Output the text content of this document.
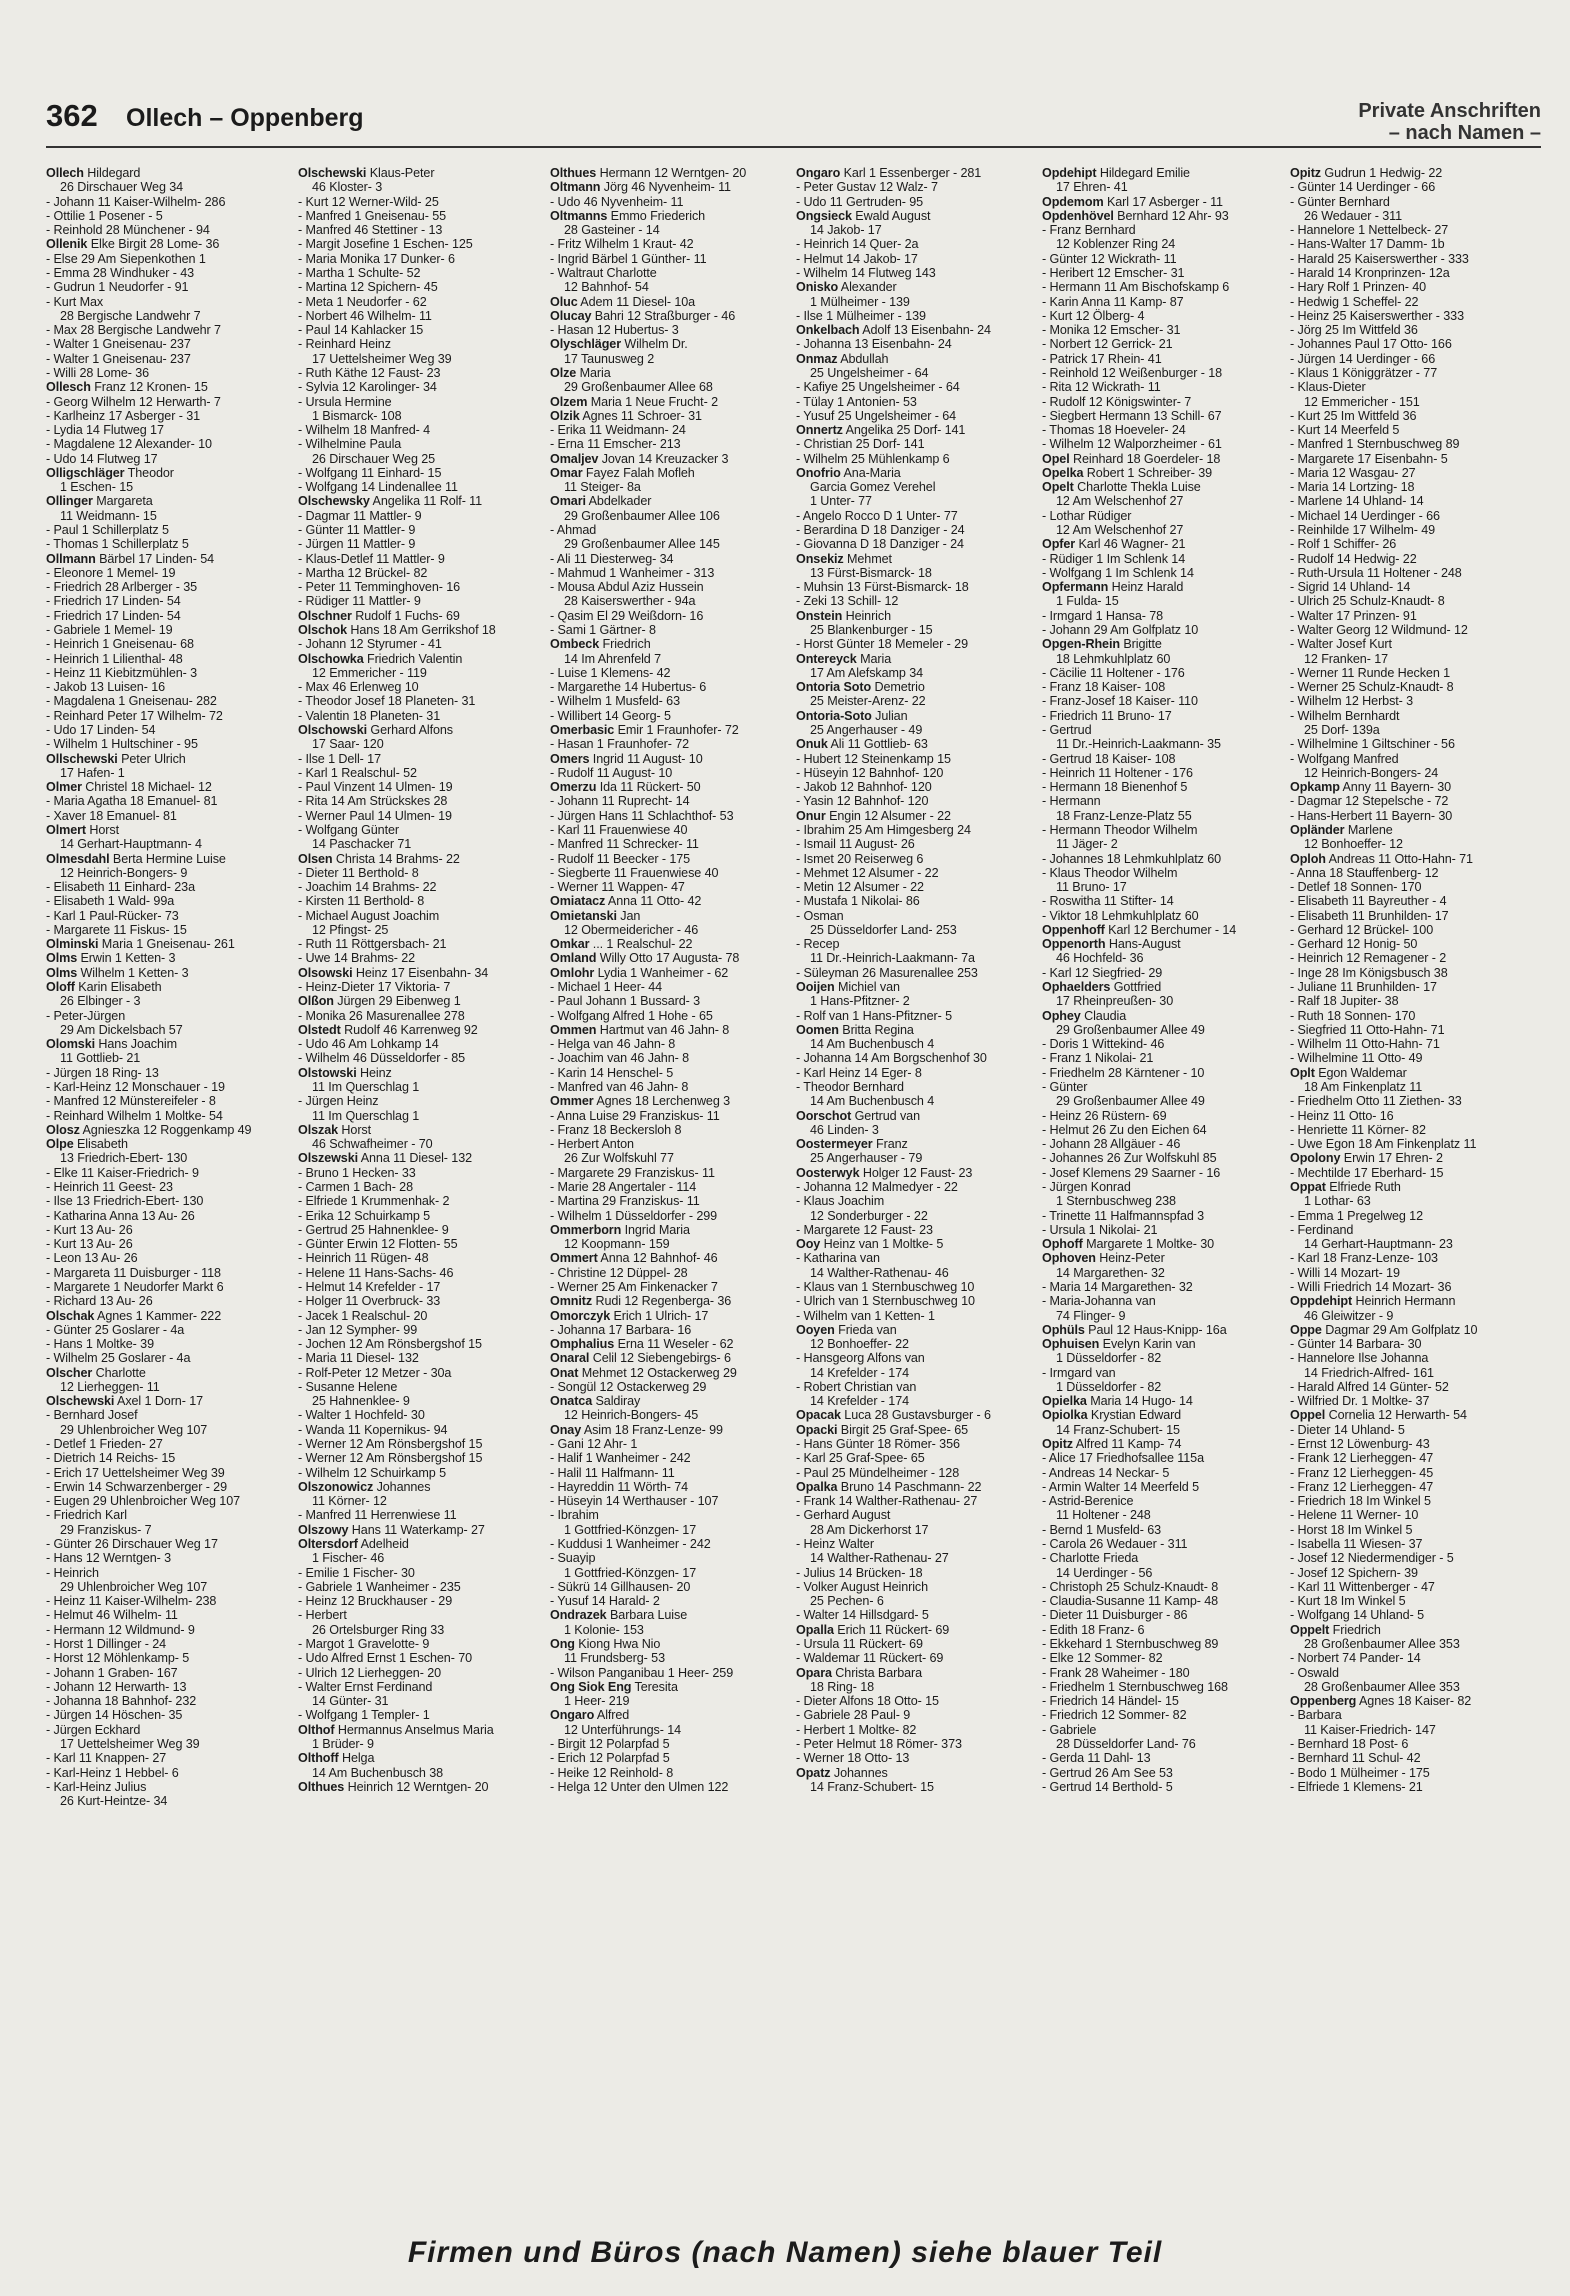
362 Ollech – Oppenberg	Private Anschriften
– nach Namen –
Ollech Hildegard
26 Dirschauer Weg 34
- Johann 11 Kaiser-Wilhelm- 286
- Ottilie 1 Posener - 5
- Reinhold 28 Münchener - 94
Ollenik Elke Birgit 28 Lome- 36
- Else 29 Am Siepenkothen 1
- Emma 28 Windhuker - 43
- Gudrun 1 Neudorfer - 91
- Kurt Max
28 Bergische Landwehr 7
- Max 28 Bergische Landwehr 7
- Walter 1 Gneisenau- 237
- Walter 1 Gneisenau- 237
- Willi 28 Lome- 36
Ollesch Franz 12 Kronen- 15
- Georg Wilhelm 12 Herwarth- 7
- Karlheinz 17 Asberger - 31
- Lydia 14 Flutweg 17
- Magdalene 12 Alexander- 10
- Udo 14 Flutweg 17
Olligschläger Theodor
1 Eschen- 15
Ollinger Margareta
11 Weidmann- 15
- Paul 1 Schillerplatz 5
- Thomas 1 Schillerplatz 5
Ollmann Bärbel 17 Linden- 54
- Eleonore 1 Memel- 19
- Friedrich 28 Arlberger - 35
- Friedrich 17 Linden- 54
- Friedrich 17 Linden- 54
- Gabriele 1 Memel- 19
- Heinrich 1 Gneisenau- 68
- Heinrich 1 Lilienthal- 48
- Heinz 11 Kiebitzmühlen- 3
- Jakob 13 Luisen- 16
- Magdalena 1 Gneisenau- 282
- Reinhard Peter 17 Wilhelm- 72
- Udo 17 Linden- 54
- Wilhelm 1 Hultschiner - 95
Ollschewski Peter Ulrich
17 Hafen- 1
Olmer Christel 18 Michael- 12
- Maria Agatha 18 Emanuel- 81
- Xaver 18 Emanuel- 81
Olmert Horst
14 Gerhart-Hauptmann- 4
Olmesdahl Berta Hermine Luise
12 Heinrich-Bongers- 9
- Elisabeth 11 Einhard- 23a
- Elisabeth 1 Wald- 99a
- Karl 1 Paul-Rücker- 73
- Margarete 11 Fiskus- 15
Olminski Maria 1 Gneisenau- 261
Olms Erwin 1 Ketten- 3
Olms Wilhelm 1 Ketten- 3
Oloff Karin Elisabeth
26 Elbinger - 3
- Peter-Jürgen
29 Am Dickelsbach 57
Olomski Hans Joachim
11 Gottlieb- 21
- Jürgen 18 Ring- 13
- Karl-Heinz 12 Monschauer - 19
- Manfred 12 Münstereifeler - 8
- Reinhard Wilhelm 1 Moltke- 54
Olosz Agnieszka 12 Roggenkamp 49
Olpe Elisabeth
13 Friedrich-Ebert- 130
- Elke 11 Kaiser-Friedrich- 9
- Heinrich 11 Geest- 23
- Ilse 13 Friedrich-Ebert- 130
- Katharina Anna 13 Au- 26
- Kurt 13 Au- 26
- Kurt 13 Au- 26
- Leon 13 Au- 26
- Margareta 11 Duisburger - 118
- Margarete 1 Neudorfer Markt 6
- Richard 13 Au- 26
Olschak Agnes 1 Kammer- 222
- Günter 25 Goslarer - 4a
- Hans 1 Moltke- 39
- Wilhelm 25 Goslarer - 4a
Olscher Charlotte
12 Lierheggen- 11
Olschewski Axel 1 Dorn- 17
- Bernhard Josef
29 Uhlenbroicher Weg 107
- Detlef 1 Frieden- 27
- Dietrich 14 Reichs- 15
- Erich 17 Uettelsheimer Weg 39
- Erwin 14 Schwarzenberger - 29
- Eugen 29 Uhlenbroicher Weg 107
- Friedrich Karl
29 Franziskus- 7
- Günter 26 Dirschauer Weg 17
- Hans 12 Werntgen- 3
- Heinrich
29 Uhlenbroicher Weg 107
- Heinz 11 Kaiser-Wilhelm- 238
- Helmut 46 Wilhelm- 11
- Hermann 12 Wildmund- 9
- Horst 1 Dillinger - 24
- Horst 12 Möhlenkamp- 5
- Johann 1 Graben- 167
- Johann 12 Herwarth- 13
- Johanna 18 Bahnhof- 232
- Jürgen 14 Höschen- 35
- Jürgen Eckhard
17 Uettelsheimer Weg 39
- Karl 11 Knappen- 27
- Karl-Heinz 1 Hebbel- 6
- Karl-Heinz Julius
26 Kurt-Heintze- 34
Olschewski Klaus-Peter
46 Kloster- 3
- Kurt 12 Werner-Wild- 25
- Manfred 1 Gneisenau- 55
- Manfred 46 Stettiner - 13
- Margit Josefine 1 Eschen- 125
- Maria Monika 17 Dunker- 6
- Martha 1 Schulte- 52
- Martina 12 Spichern- 45
- Meta 1 Neudorfer - 62
- Norbert 46 Wilhelm- 11
- Paul 14 Kahlacker 15
- Reinhard Heinz
17 Uettelsheimer Weg 39
- Ruth Käthe 12 Faust- 23
- Sylvia 12 Karolinger- 34
- Ursula Hermine
1 Bismarck- 108
- Wilhelm 18 Manfred- 4
- Wilhelmine Paula
26 Dirschauer Weg 25
- Wolfgang 11 Einhard- 15
- Wolfgang 14 Lindenallee 11
Olschewsky Angelika 11 Rolf- 11
- Dagmar 11 Mattler- 9
- Günter 11 Mattler- 9
- Jürgen 11 Mattler- 9
- Klaus-Detlef 11 Mattler- 9
- Martha 12 Brückel- 82
- Peter 11 Temminghoven- 16
- Rüdiger 11 Mattler- 9
Olschner Rudolf 1 Fuchs- 69
Olschok Hans 18 Am Gerrikshof 18
- Johann 12 Styrumer - 41
Olschowka Friedrich Valentin
12 Emmericher - 119
- Max 46 Erlenweg 10
- Theodor Josef 18 Planeten- 31
- Valentin 18 Planeten- 31
Olschowski Gerhard Alfons
17 Saar- 120
- Ilse 1 Dell- 17
- Karl 1 Realschul- 52
- Paul Vinzent 14 Ulmen- 19
- Rita 14 Am Strückskes 28
- Werner Paul 14 Ulmen- 19
- Wolfgang Günter
14 Paschacker 71
Olsen Christa 14 Brahms- 22
- Dieter 11 Berthold- 8
- Joachim 14 Brahms- 22
- Kirsten 11 Berthold- 8
- Michael August Joachim
12 Pfingst- 25
- Ruth 11 Röttgersbach- 21
- Uwe 14 Brahms- 22
Olsowski Heinz 17 Eisenbahn- 34
- Heinz-Dieter 17 Viktoria- 7
Olßon Jürgen 29 Eibenweg 1
- Monika 26 Masurenallee 278
Olstedt Rudolf 46 Karrenweg 92
- Udo 46 Am Lohkamp 14
- Wilhelm 46 Düsseldorfer - 85
Olstowski Heinz
11 Im Querschlag 1
- Jürgen Heinz
11 Im Querschlag 1
Olszak Horst
46 Schwafheimer - 70
Olszewski Anna 11 Diesel- 132
- Bruno 1 Hecken- 33
- Carmen 1 Bach- 28
- Elfriede 1 Krummenhak- 2
- Erika 12 Schuirkamp 5
- Gertrud 25 Hahnenklee- 9
- Günter Erwin 12 Flotten- 55
- Heinrich 11 Rügen- 48
- Helene 11 Hans-Sachs- 46
- Helmut 14 Krefelder - 17
- Holger 11 Overbruck- 33
- Jacek 1 Realschul- 20
- Jan 12 Sympher- 99
- Jochen 12 Am Rönsbergshof 15
- Maria 11 Diesel- 132
- Rolf-Peter 12 Metzer - 30a
- Susanne Helene
25 Hahnenklee- 9
- Walter 1 Hochfeld- 30
- Wanda 11 Kopernikus- 94
- Werner 12 Am Rönsbergshof 15
- Werner 12 Am Rönsbergshof 15
- Wilhelm 12 Schuirkamp 5
Olszonowicz Johannes
11 Körner- 12
- Manfred 11 Herrenwiese 11
Olszowy Hans 11 Waterkamp- 27
Oltersdorf Adelheid
1 Fischer- 46
- Emilie 1 Fischer- 30
- Gabriele 1 Wanheimer - 235
- Heinz 12 Bruckhauser - 29
- Herbert
26 Ortelsburger Ring 33
- Margot 1 Gravelotte- 9
- Udo Alfred Ernst 1 Eschen- 70
- Ulrich 12 Lierheggen- 20
- Walter Ernst Ferdinand
14 Günter- 31
- Wolfgang 1 Templer- 1
Olthof Hermannus Anselmus Maria
1 Brüder- 9
Olthoff Helga
14 Am Buchenbusch 38
Olthues Heinrich 12 Werntgen- 20
Olthues Hermann 12 Werntgen- 20
Oltmann Jörg 46 Nyvenheim- 11
- Udo 46 Nyvenheim- 11
Oltmanns Emmo Friederich
28 Gasteiner - 14
- Fritz Wilhelm 1 Kraut- 42
- Ingrid Bärbel 1 Günther- 11
- Waltraut Charlotte
12 Bahnhof- 54
Oluc Adem 11 Diesel- 10a
Olucay Bahri 12 Straßburger - 46
- Hasan 12 Hubertus- 3
Olyschläger Wilhelm Dr.
17 Taunusweg 2
Olze Maria
29 Großenbaumer Allee 68
Olzem Maria 1 Neue Frucht- 2
Olzik Agnes 11 Schroer- 31
- Erika 11 Weidmann- 24
- Erna 11 Emscher- 213
Omaljev Jovan 14 Kreuzacker 3
Omar Fayez Falah Mofleh
11 Steiger- 8a
Omari Abdelkader
29 Großenbaumer Allee 106
- Ahmad
29 Großenbaumer Allee 145
- Ali 11 Diesterweg- 34
- Mahmud 1 Wanheimer - 313
- Mousa Abdul Aziz Hussein
28 Kaiserswerther - 94a
- Qasim El 29 Weißdorn- 16
- Sami 1 Gärtner- 8
Ombeck Friedrich
14 Im Ahrenfeld 7
- Luise 1 Klemens- 42
- Margarethe 14 Hubertus- 6
- Wilhelm 1 Musfeld- 63
- Willibert 14 Georg- 5
Omerbasic Emir 1 Fraunhofer- 72
- Hasan 1 Fraunhofer- 72
Omers Ingrid 11 August- 10
- Rudolf 11 August- 10
Omerzu Ida 11 Rückert- 50
- Johann 11 Ruprecht- 14
- Jürgen Hans 11 Schlachthof- 53
- Karl 11 Frauenwiese 40
- Manfred 11 Schrecker- 11
- Rudolf 11 Beecker - 175
- Siegberte 11 Frauenwiese 40
- Werner 11 Wappen- 47
Omiatacz Anna 11 Otto- 42
Omietanski Jan
12 Obermeidericher - 46
Omkar ... 1 Realschul- 22
Omland Willy Otto 17 Augusta- 78
Omlohr Lydia 1 Wanheimer - 62
- Michael 1 Heer- 44
- Paul Johann 1 Bussard- 3
- Wolfgang Alfred 1 Hohe - 65
Ommen Hartmut van 46 Jahn- 8
- Helga van 46 Jahn- 8
- Joachim van 46 Jahn- 8
- Karin 14 Henschel- 5
- Manfred van 46 Jahn- 8
Ommer Agnes 18 Lerchenweg 3
- Anna Luise 29 Franziskus- 11
- Franz 18 Beckersloh 8
- Herbert Anton
26 Zur Wolfskuhl 77
- Margarete 29 Franziskus- 11
- Marie 28 Angertaler - 114
- Martina 29 Franziskus- 11
- Wilhelm 1 Düsseldorfer - 299
Ommerborn Ingrid Maria
12 Koopmann- 159
Ommert Anna 12 Bahnhof- 46
- Christine 12 Düppel- 28
- Werner 25 Am Finkenacker 7
Omnitz Rudi 12 Regenberga- 36
Omorczyk Erich 1 Ulrich- 17
- Johanna 17 Barbara- 16
Omphalius Erna 11 Weseler - 62
Onaral Celil 12 Siebengebirgs- 6
Onat Mehmet 12 Ostackerweg 29
- Songül 12 Ostackerweg 29
Onatca Saldiray
12 Heinrich-Bongers- 45
Onay Asim 18 Franz-Lenze- 99
- Gani 12 Ahr- 1
- Halif 1 Wanheimer - 242
- Halil 11 Halfmann- 11
- Hayreddin 11 Wörth- 74
- Hüseyin 14 Werthauser - 107
- Ibrahim
1 Gottfried-Könzgen- 17
- Kuddusi 1 Wanheimer - 242
- Suayip
1 Gottfried-Könzgen- 17
- Sükrü 14 Gillhausen- 20
- Yusuf 14 Harald- 2
Ondrazek Barbara Luise
1 Kolonie- 153
Ong Kiong Hwa Nio
11 Frundsberg- 53
- Wilson Panganibau 1 Heer- 259
Ong Siok Eng Teresita
1 Heer- 219
Ongaro Alfred
12 Unterführungs- 14
- Birgit 12 Polarpfad 5
- Erich 12 Polarpfad 5
- Heike 12 Reinhold- 8
- Helga 12 Unter den Ulmen 122
Ongaro Karl 1 Essenberger - 281
- Peter Gustav 12 Walz- 7
- Udo 11 Gertruden- 95
Ongsieck Ewald August
14 Jakob- 17
- Heinrich 14 Quer- 2a
- Helmut 14 Jakob- 17
- Wilhelm 14 Flutweg 143
Onisko Alexander
1 Mülheimer - 139
- Ilse 1 Mülheimer - 139
Onkelbach Adolf 13 Eisenbahn- 24
- Johanna 13 Eisenbahn- 24
Onmaz Abdullah
25 Ungelsheimer - 64
- Kafiye 25 Ungelsheimer - 64
- Tülay 1 Antonien- 53
- Yusuf 25 Ungelsheimer - 64
Onnertz Angelika 25 Dorf- 141
- Christian 25 Dorf- 141
- Wilhelm 25 Mühlenkamp 6
Onofrio Ana-Maria
Garcia Gomez Verehel
1 Unter- 77
- Angelo Rocco D 1 Unter- 77
- Berardina D 18 Danziger - 24
- Giovanna D 18 Danziger - 24
Onsekiz Mehmet
13 Fürst-Bismarck- 18
- Muhsin 13 Fürst-Bismarck- 18
- Zeki 13 Schill- 12
Onstein Heinrich
25 Blankenburger - 15
- Horst Günter 18 Memeler - 29
Ontereyck Maria
17 Am Alefskamp 34
Ontoria Soto Demetrio
25 Meister-Arenz- 22
Ontoria-Soto Julian
25 Angerhauser - 49
Onuk Ali 11 Gottlieb- 63
- Hubert 12 Steinenkamp 15
- Hüseyin 12 Bahnhof- 120
- Jakob 12 Bahnhof- 120
- Yasin 12 Bahnhof- 120
Onur Engin 12 Alsumer - 22
- Ibrahim 25 Am Himgesberg 24
- Ismail 11 August- 26
- Ismet 20 Reiserweg 6
- Mehmet 12 Alsumer - 22
- Metin 12 Alsumer - 22
- Mustafa 1 Nikolai- 86
- Osman
25 Düsseldorfer Land- 253
- Recep
11 Dr.-Heinrich-Laakmann- 7a
- Süleyman 26 Masurenallee 253
Ooijen Michiel van
1 Hans-Pfitzner- 2
- Rolf van 1 Hans-Pfitzner- 5
Oomen Britta Regina
14 Am Buchenbusch 4
- Johanna 14 Am Borgschenhof 30
- Karl Heinz 14 Eger- 8
- Theodor Bernhard
14 Am Buchenbusch 4
Oorschot Gertrud van
46 Linden- 3
Oostermeyer Franz
25 Angerhauser - 79
Oosterwyk Holger 12 Faust- 23
- Johanna 12 Malmedyer - 22
- Klaus Joachim
12 Sonderburger - 22
- Margarete 12 Faust- 23
Ooy Heinz van 1 Moltke- 5
- Katharina van
14 Walther-Rathenau- 46
- Klaus van 1 Sternbuschweg 10
- Ulrich van 1 Sternbuschweg 10
- Wilhelm van 1 Ketten- 1
Ooyen Frieda van
12 Bonhoeffer- 22
- Hansgeorg Alfons van
14 Krefelder - 174
- Robert Christian van
14 Krefelder - 174
Opacak Luca 28 Gustavsburger - 6
Opacki Birgit 25 Graf-Spee- 65
- Hans Günter 18 Römer- 356
- Karl 25 Graf-Spee- 65
- Paul 25 Mündelheimer - 128
Opalka Bruno 14 Paschmann- 22
- Frank 14 Walther-Rathenau- 27
- Gerhard August
28 Am Dickerhorst 17
- Heinz Walter
14 Walther-Rathenau- 27
- Julius 14 Brücken- 18
- Volker August Heinrich
25 Pechen- 6
- Walter 14 Hillsdgard- 5
Opalla Erich 11 Rückert- 69
- Ursula 11 Rückert- 69
- Waldemar 11 Rückert- 69
Opara Christa Barbara
18 Ring- 18
- Dieter Alfons 18 Otto- 15
- Gabriele 28 Paul- 9
- Herbert 1 Moltke- 82
- Peter Helmut 18 Römer- 373
- Werner 18 Otto- 13
Opatz Johannes
14 Franz-Schubert- 15
Opdehipt Hildegard Emilie
17 Ehren- 41
Opdemom Karl 17 Asberger - 11
Opdenhövel Bernhard 12 Ahr- 93
- Franz Bernhard
12 Koblenzer Ring 24
- Günter 12 Wickrath- 11
- Heribert 12 Emscher- 31
- Hermann 11 Am Bischofskamp 6
- Karin Anna 11 Kamp- 87
- Kurt 12 Ölberg- 4
- Monika 12 Emscher- 31
- Norbert 12 Gerrick- 21
- Patrick 17 Rhein- 41
- Reinhold 12 Weißenburger - 18
- Rita 12 Wickrath- 11
- Rudolf 12 Königswinter- 7
- Siegbert Hermann 13 Schill- 67
- Thomas 18 Hoeveler- 24
- Wilhelm 12 Walporzheimer - 61
Opel Reinhard 18 Goerdeler- 18
Opelka Robert 1 Schreiber- 39
Opelt Charlotte Thekla Luise
12 Am Welschenhof 27
- Lothar Rüdiger
12 Am Welschenhof 27
Opfer Karl 46 Wagner- 21
- Rüdiger 1 Im Schlenk 14
- Wolfgang 1 Im Schlenk 14
Opfermann Heinz Harald
1 Fulda- 15
- Irmgard 1 Hansa- 78
- Johann 29 Am Golfplatz 10
Opgen-Rhein Brigitte
18 Lehmkuhlplatz 60
- Cäcilie 11 Holtener - 176
- Franz 18 Kaiser- 108
- Franz-Josef 18 Kaiser- 110
- Friedrich 11 Bruno- 17
- Gertrud
11 Dr.-Heinrich-Laakmann- 35
- Gertrud 18 Kaiser- 108
- Heinrich 11 Holtener - 176
- Hermann 18 Bienenhof 5
- Hermann
18 Franz-Lenze-Platz 55
- Hermann Theodor Wilhelm
11 Jäger- 2
- Johannes 18 Lehmkuhlplatz 60
- Klaus Theodor Wilhelm
11 Bruno- 17
- Roswitha 11 Stifter- 14
- Viktor 18 Lehmkuhlplatz 60
Oppenhoff Karl 12 Berchumer - 14
Oppenorth Hans-August
46 Hochfeld- 36
- Karl 12 Siegfried- 29
Ophaelders Gottfried
17 Rheinpreußen- 30
Ophey Claudia
29 Großenbaumer Allee 49
- Doris 1 Wittekind- 46
- Franz 1 Nikolai- 21
- Friedhelm 28 Kärntener - 10
- Günter
29 Großenbaumer Allee 49
- Heinz 26 Rüstern- 69
- Helmut 26 Zu den Eichen 64
- Johann 28 Allgäuer - 46
- Johannes 26 Zur Wolfskuhl 85
- Josef Klemens 29 Saarner - 16
- Jürgen Konrad
1 Sternbuschweg 238
- Trinette 11 Halfmannspfad 3
- Ursula 1 Nikolai- 21
Ophoff Margarete 1 Moltke- 30
Ophoven Heinz-Peter
14 Margarethen- 32
- Maria 14 Margarethen- 32
- Maria-Johanna van
74 Flinger- 9
Ophüls Paul 12 Haus-Knipp- 16a
Ophuisen Evelyn Karin van
1 Düsseldorfer - 82
- Irmgard van
1 Düsseldorfer - 82
Opielka Maria 14 Hugo- 14
Opiolka Krystian Edward
14 Franz-Schubert- 15
Opitz Alfred 11 Kamp- 74
- Alice 17 Friedhofsallee 115a
- Andreas 14 Neckar- 5
- Armin Walter 14 Meerfeld 5
- Astrid-Berenice
11 Holtener - 248
- Bernd 1 Musfeld- 63
- Carola 26 Wedauer - 311
- Charlotte Frieda
14 Uerdinger - 56
- Christoph 25 Schulz-Knaudt- 8
- Claudia-Susanne 11 Kamp- 48
- Dieter 11 Duisburger - 86
- Edith 18 Franz- 6
- Ekkehard 1 Sternbuschweg 89
- Elke 12 Sommer- 82
- Frank 28 Waheimer - 180
- Friedhelm 1 Sternbuschweg 168
- Friedrich 14 Händel- 15
- Friedrich 12 Sommer- 82
- Gabriele
28 Düsseldorfer Land- 76
- Gerda 11 Dahl- 13
- Gertrud 26 Am See 53
- Gertrud 14 Berthold- 5
Opitz Gudrun 1 Hedwig- 22
- Günter 14 Uerdinger - 66
- Günter Bernhard
26 Wedauer - 311
- Hannelore 1 Nettelbeck- 27
- Hans-Walter 17 Damm- 1b
- Harald 25 Kaiserswerther - 333
- Harald 14 Kronprinzen- 12a
- Hary Rolf 1 Prinzen- 40
- Hedwig 1 Scheffel- 22
- Heinz 25 Kaiserswerther - 333
- Jörg 25 Im Wittfeld 36
- Johannes Paul 17 Otto- 166
- Jürgen 14 Uerdinger - 66
- Klaus 1 Königgrätzer - 77
- Klaus-Dieter
12 Emmericher - 151
- Kurt 25 Im Wittfeld 36
- Kurt 14 Meerfeld 5
- Manfred 1 Sternbuschweg 89
- Margarete 17 Eisenbahn- 5
- Maria 12 Wasgau- 27
- Maria 14 Lortzing- 18
- Marlene 14 Uhland- 14
- Michael 14 Uerdinger - 66
- Reinhilde 17 Wilhelm- 49
- Rolf 1 Schiffer- 26
- Rudolf 14 Hedwig- 22
- Ruth-Ursula 11 Holtener - 248
- Sigrid 14 Uhland- 14
- Ulrich 25 Schulz-Knaudt- 8
- Walter 17 Prinzen- 91
- Walter Georg 12 Wildmund- 12
- Walter Josef Kurt
12 Franken- 17
- Werner 11 Runde Hecken 1
- Werner 25 Schulz-Knaudt- 8
- Wilhelm 12 Herbst- 3
- Wilhelm Bernhardt
25 Dorf- 139a
- Wilhelmine 1 Giltschiner - 56
- Wolfgang Manfred
12 Heinrich-Bongers- 24
Opkamp Anny 11 Bayern- 30
- Dagmar 12 Stepelsche - 72
- Hans-Herbert 11 Bayern- 30
Opländer Marlene
12 Bonhoeffer- 12
Oploh Andreas 11 Otto-Hahn- 71
- Anna 18 Stauffenberg- 12
- Detlef 18 Sonnen- 170
- Elisabeth 11 Bayreuther - 4
- Elisabeth 11 Brunhilden- 17
- Gerhard 12 Brückel- 100
- Gerhard 12 Honig- 50
- Heinrich 12 Remagener - 2
- Inge 28 Im Königsbusch 38
- Juliane 11 Brunhilden- 17
- Ralf 18 Jupiter- 38
- Ruth 18 Sonnen- 170
- Siegfried 11 Otto-Hahn- 71
- Wilhelm 11 Otto-Hahn- 71
- Wilhelmine 11 Otto- 49
Oplt Egon Waldemar
18 Am Finkenplatz 11
- Friedhelm Otto 11 Ziethen- 33
- Heinz 11 Otto- 16
- Henriette 11 Körner- 82
- Uwe Egon 18 Am Finkenplatz 11
Opolony Erwin 17 Ehren- 2
- Mechtilde 17 Eberhard- 15
Oppat Elfriede Ruth
1 Lothar- 63
- Emma 1 Pregelweg 12
- Ferdinand
14 Gerhart-Hauptmann- 23
- Karl 18 Franz-Lenze- 103
- Willi 14 Mozart- 19
- Willi Friedrich 14 Mozart- 36
Oppdehipt Heinrich Hermann
46 Gleiwitzer - 9
Oppe Dagmar 29 Am Golfplatz 10
- Günter 14 Barbara- 30
- Hannelore Ilse Johanna
14 Friedrich-Alfred- 161
- Harald Alfred 14 Günter- 52
- Wilfried Dr. 1 Moltke- 37
Oppel Cornelia 12 Herwarth- 54
- Dieter 14 Uhland- 5
- Ernst 12 Löwenburg- 43
- Frank 12 Lierheggen- 47
- Franz 12 Lierheggen- 45
- Franz 12 Lierheggen- 47
- Friedrich 18 Im Winkel 5
- Helene 11 Werner- 10
- Horst 18 Im Winkel 5
- Isabella 11 Wiesen- 37
- Josef 12 Niedermendiger - 5
- Josef 12 Spichern- 39
- Karl 11 Wittenberger - 47
- Kurt 18 Im Winkel 5
- Wolfgang 14 Uhland- 5
Oppelt Friedrich
28 Großenbaumer Allee 353
- Norbert 74 Pander- 14
- Oswald
28 Großenbaumer Allee 353
Oppenberg Agnes 18 Kaiser- 82
- Barbara
11 Kaiser-Friedrich- 147
- Bernhard 18 Post- 6
- Bernhard 11 Schul- 42
- Bodo 1 Mülheimer - 175
- Elfriede 1 Klemens- 21
Firmen und Büros (nach Namen) siehe blauer Teil
